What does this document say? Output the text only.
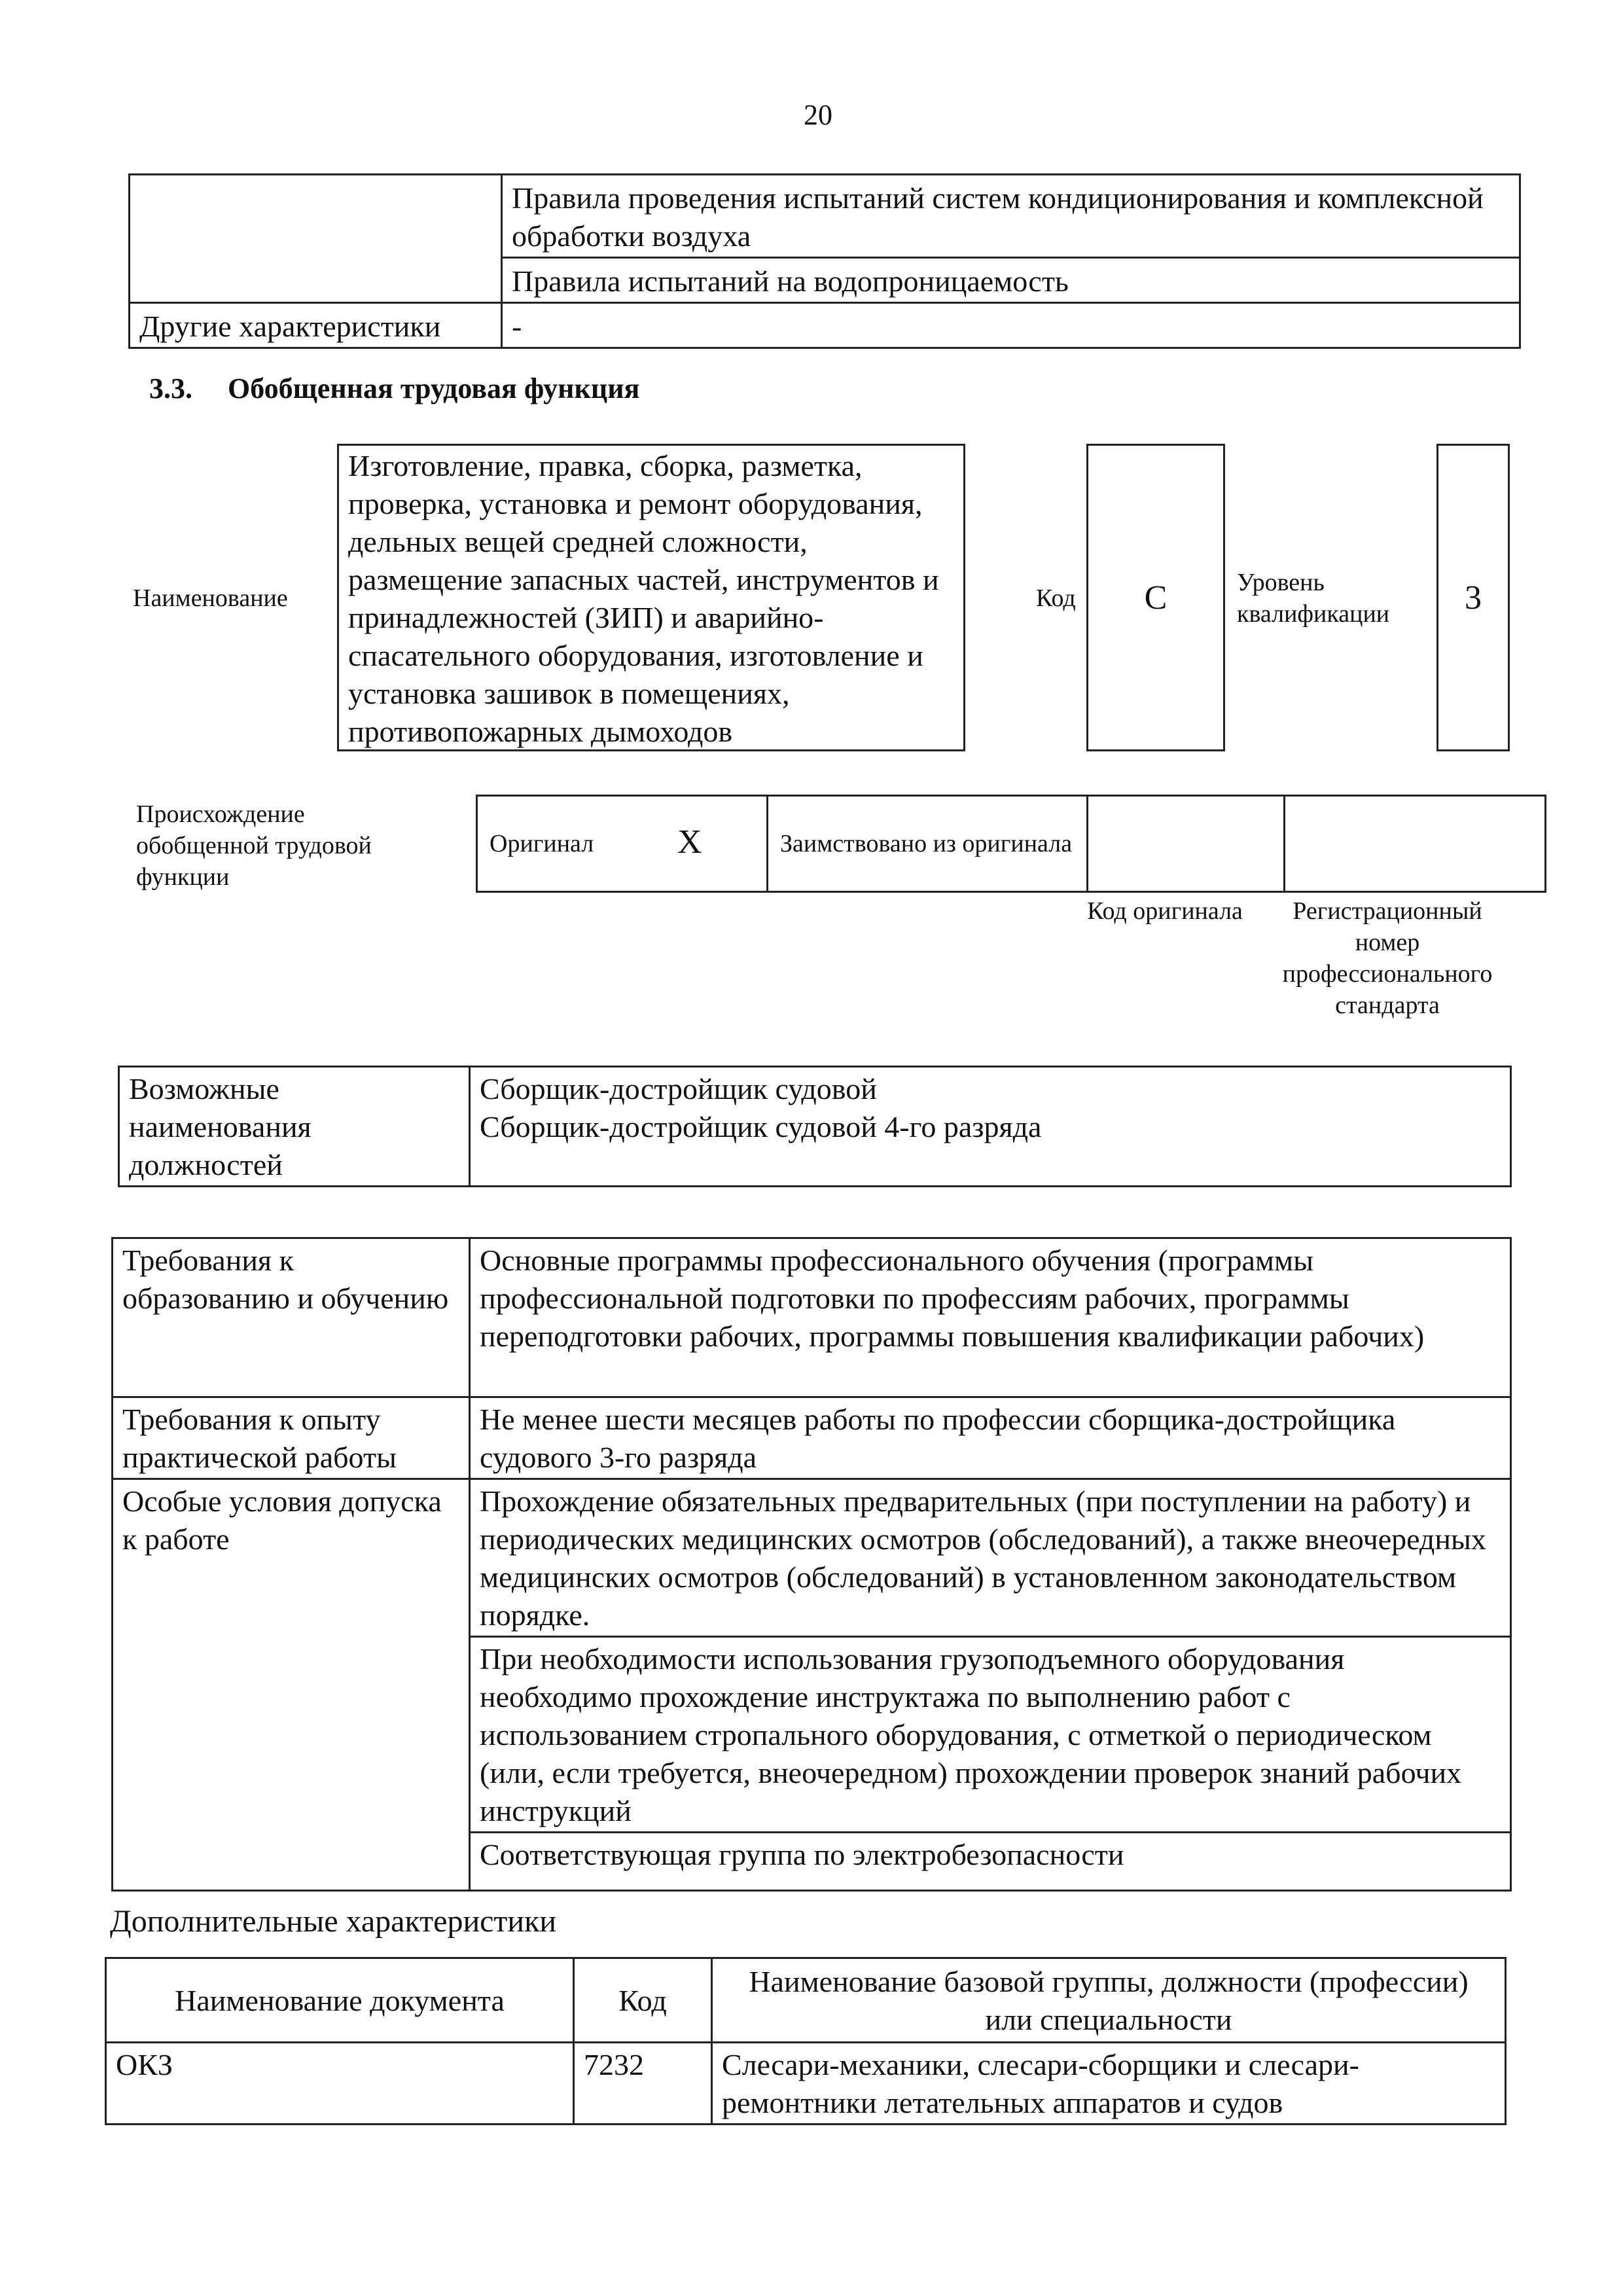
20
	Правила проведения испытаний систем кондиционирования и комплексной обработки воздуха
	Правила испытаний на водопроницаемость
Другие характеристики	-
3.3. Обобщенная трудовая функция
Наименование
Изготовление, правка, сборка, разметка, проверка, установка и ремонт оборудования, дельных вещей средней сложности, размещение запасных частей, инструментов и принадлежностей (ЗИП) и аварийно-спасательного оборудования, изготовление и установка зашивок в помещениях, противопожарных дымоходов
Код С	Уровень квалификации	3
Происхождение обобщенной трудовой функции
Оригинал X	Заимствовано из оригинала		
Код оригинала	Регистрационный номер профессионального стандарта
Возможные наименования должностей	
Сборщик-достройщик судовой
Сборщик-достройщик судовой 4-го разряда
Требования к образованию и обучению	Основные программы профессионального обучения (программы профессиональной подготовки по профессиям рабочих, программы переподготовки рабочих, программы повышения квалификации рабочих)
Требования к опыту практической работы	Не менее шести месяцев работы по профессии сборщика-достройщика судового 3-го разряда
Особые условия допуска к работе	Прохождение обязательных предварительных (при поступлении на работу) и периодических медицинских осмотров (обследований), а также внеочередных медицинских осмотров (обследований) в установленном законодательством порядке.
	При необходимости использования грузоподъемного оборудования необходимо прохождение инструктажа по выполнению работ с использованием стропального оборудования, с отметкой о периодическом (или, если требуется, внеочередном) прохождении проверок знаний рабочих инструкций
	Соответствующая группа по электробезопасности
Дополнительные характеристики
Наименование документа	Код	Наименование базовой группы, должности (профессии) или специальности
ОКЗ	7232	Слесари-механики, слесари-сборщики и слесари-ремонтники летательных аппаратов и судов
